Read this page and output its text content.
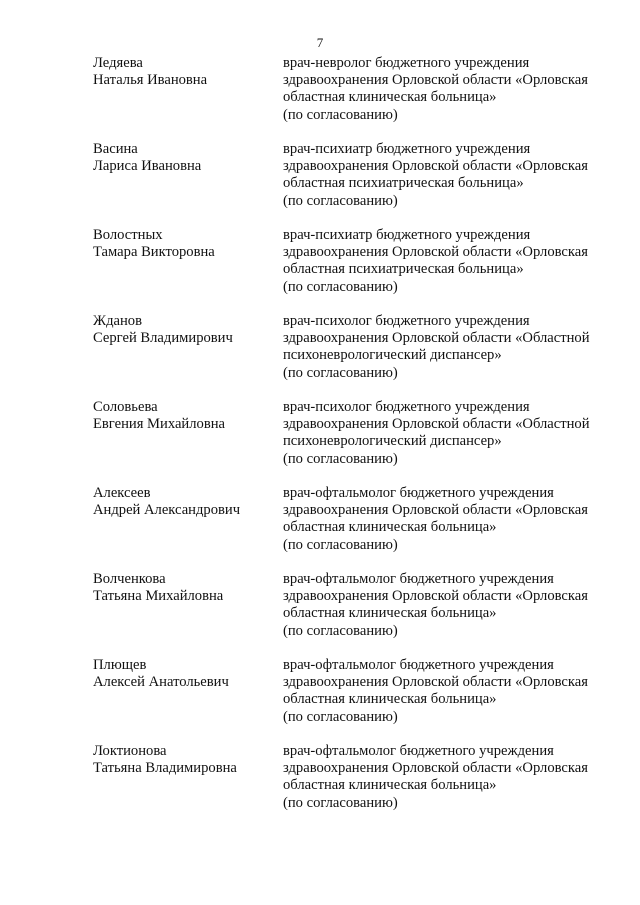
7
Ледяева
Наталья Ивановна
врач-невролог бюджетного учреждения
здравоохранения Орловской области «Орловская
областная клиническая больница»
(по согласованию)
Васина
Лариса Ивановна
врач-психиатр бюджетного учреждения
здравоохранения Орловской области «Орловская
областная психиатрическая больница»
(по согласованию)
Волостных
Тамара Викторовна
врач-психиатр бюджетного учреждения
здравоохранения Орловской области «Орловская
областная психиатрическая больница»
(по согласованию)
Жданов
Сергей Владимирович
врач-психолог бюджетного учреждения
здравоохранения Орловской области «Областной
психоневрологический диспансер»
(по согласованию)
Соловьева
Евгения Михайловна
врач-психолог бюджетного учреждения
здравоохранения Орловской области «Областной
психоневрологический диспансер»
(по согласованию)
Алексеев
Андрей Александрович
врач-офтальмолог бюджетного учреждения
здравоохранения Орловской области «Орловская
областная клиническая больница»
(по согласованию)
Волченкова
Татьяна Михайловна
врач-офтальмолог бюджетного учреждения
здравоохранения Орловской области «Орловская
областная клиническая больница»
(по согласованию)
Плющев
Алексей Анатольевич
врач-офтальмолог бюджетного учреждения
здравоохранения Орловской области «Орловская
областная клиническая больница»
(по согласованию)
Локтионова
Татьяна Владимировна
врач-офтальмолог бюджетного учреждения
здравоохранения Орловской области «Орловская
областная клиническая больница»
(по согласованию)
